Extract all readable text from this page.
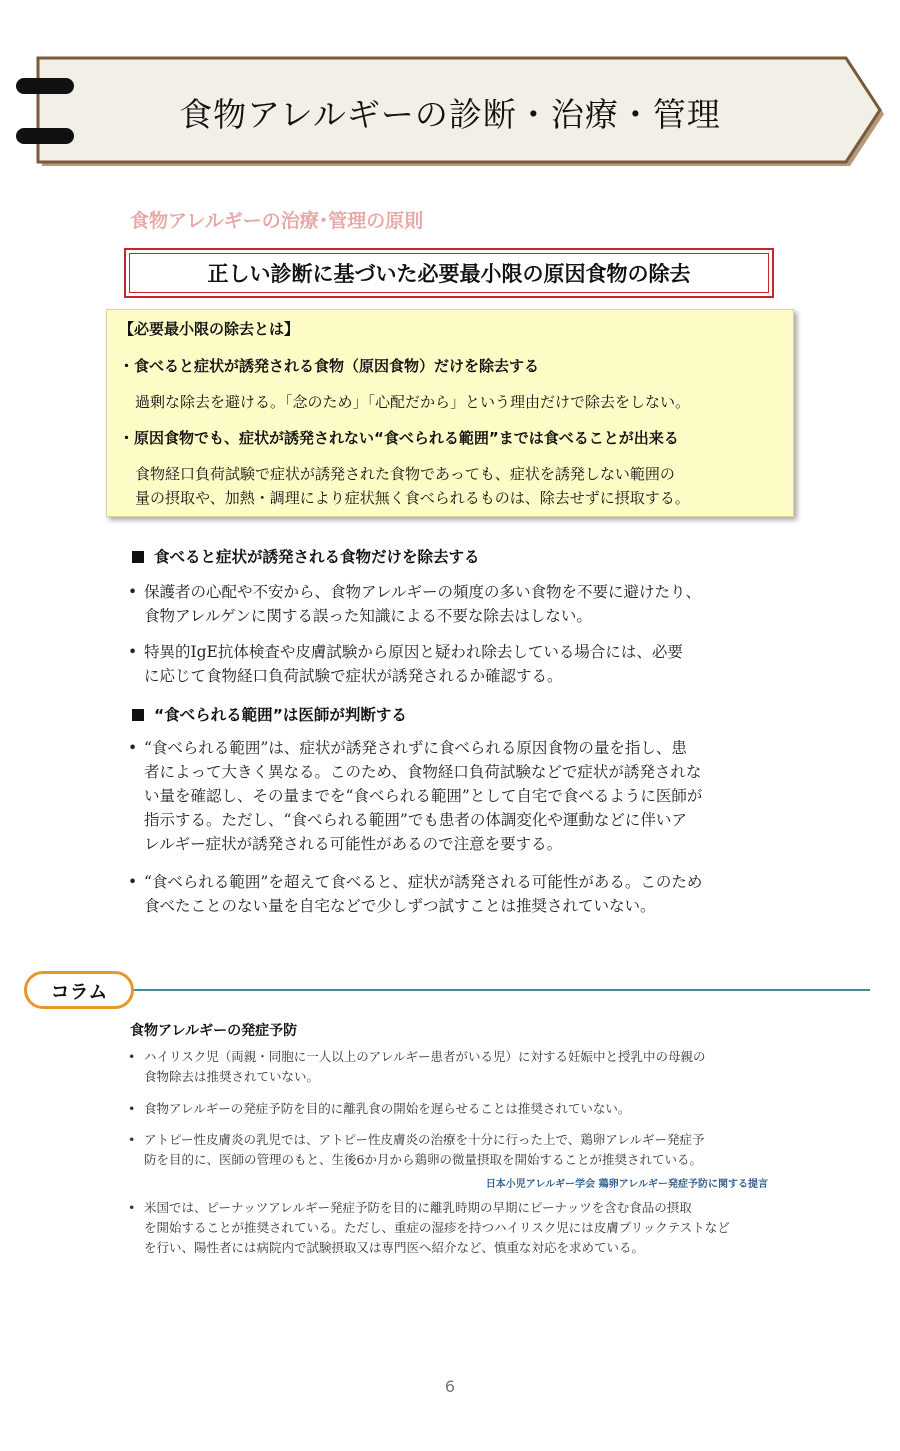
食物アレルギーの診断・治療・管理
食物アレルギーの治療･管理の原則
正しい診断に基づいた必要最小限の原因食物の除去
【必要最小限の除去とは】
・食べると症状が誘発される食物（原因食物）だけを除去する
過剰な除去を避ける。「念のため」「心配だから」という理由だけで除去をしない。
・原因食物でも、症状が誘発されない“食べられる範囲”までは食べることが出来る
食物経口負荷試験で症状が誘発された食物であっても、症状を誘発しない範囲の
量の摂取や、加熱・調理により症状無く食べられるものは、除去せずに摂取する。
食べると症状が誘発される食物だけを除去する
• 保護者の心配や不安から、食物アレルギーの頻度の多い食物を不要に避けたり、
食物アレルゲンに関する誤った知識による不要な除去はしない。
• 特異的IgE抗体検査や皮膚試験から原因と疑われ除去している場合には、必要
に応じて食物経口負荷試験で症状が誘発されるか確認する。
“食べられる範囲”は医師が判断する
• “食べられる範囲”は、症状が誘発されずに食べられる原因食物の量を指し、患
者によって大きく異なる。このため、食物経口負荷試験などで症状が誘発されな
い量を確認し、その量までを“食べられる範囲”として自宅で食べるように医師が
指示する。ただし、“食べられる範囲”でも患者の体調変化や運動などに伴いア
レルギー症状が誘発される可能性があるので注意を要する。
• “食べられる範囲”を超えて食べると、症状が誘発される可能性がある。このため
食べたことのない量を自宅などで少しずつ試すことは推奨されていない。
コラム
食物アレルギーの発症予防
• ハイリスク児（両親・同胞に一人以上のアレルギー患者がいる児）に対する妊娠中と授乳中の母親の
食物除去は推奨されていない。
• 食物アレルギーの発症予防を目的に離乳食の開始を遅らせることは推奨されていない。
• アトピー性皮膚炎の乳児では、アトピー性皮膚炎の治療を十分に行った上で、鶏卵アレルギー発症予
防を目的に、医師の管理のもと、生後6か月から鶏卵の微量摂取を開始することが推奨されている。
日本小児アレルギー学会 鶏卵アレルギー発症予防に関する提言
• 米国では、ピーナッツアレルギー発症予防を目的に離乳時期の早期にピーナッツを含む食品の摂取
を開始することが推奨されている。ただし、重症の湿疹を持つハイリスク児には皮膚プリックテストなど
を行い、陽性者には病院内で試験摂取又は専門医へ紹介など、慎重な対応を求めている。
6
